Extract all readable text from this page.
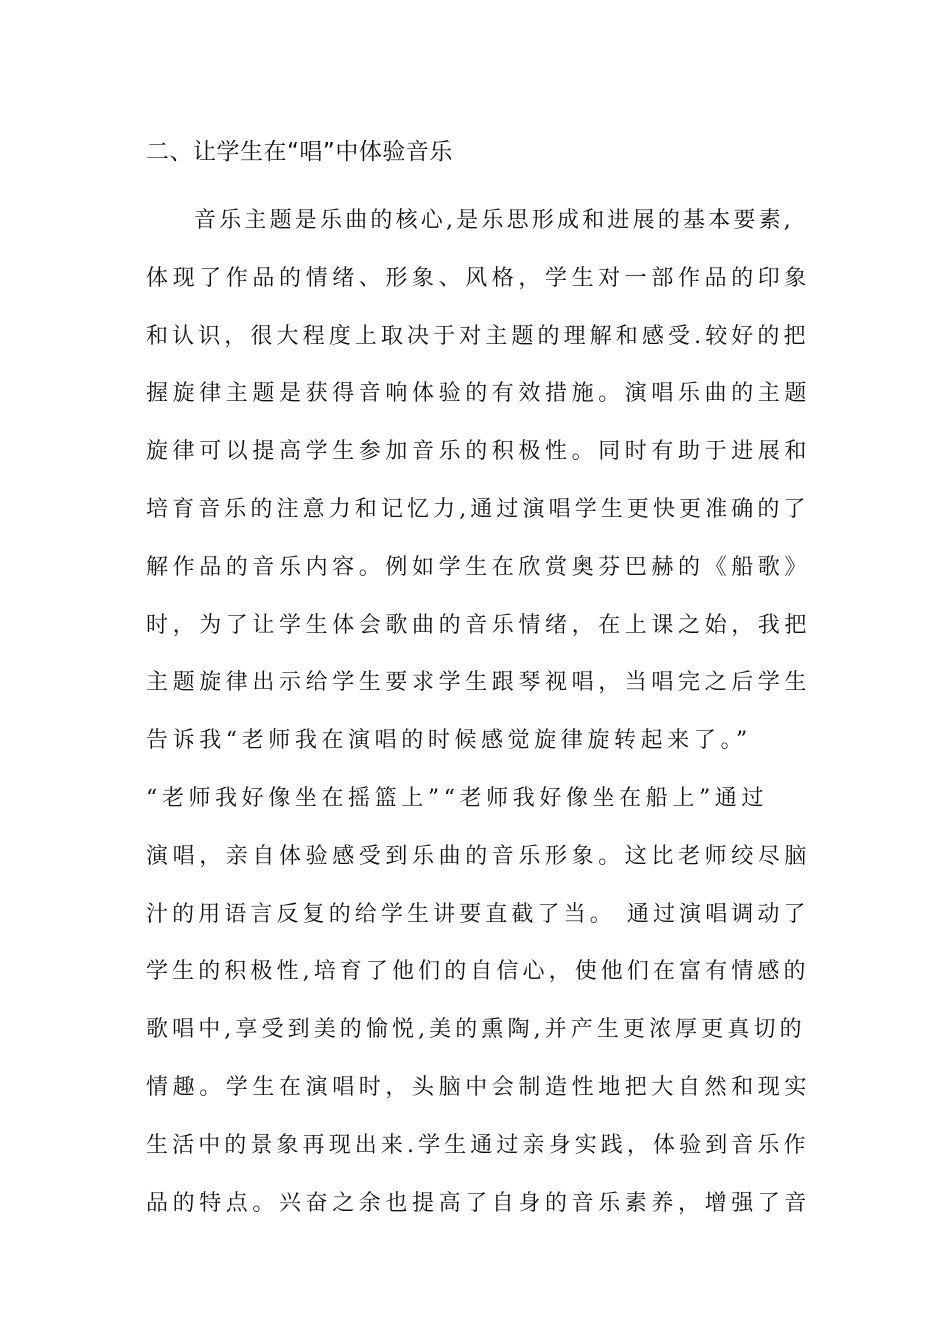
二、让学生在“唱”中体验音乐
音乐主题是乐曲的核心,是乐思形成和进展的基本要素,
体现了作品的情绪、形象、风格，学生对一部作品的印象
和认识，很大程度上取决于对主题的理解和感受.较好的把
握旋律主题是获得音响体验的有效措施。演唱乐曲的主题
旋律可以提高学生参加音乐的积极性。同时有助于进展和
培育音乐的注意力和记忆力,通过演唱学生更快更准确的了
解作品的音乐内容。例如学生在欣赏奥芬巴赫的《船歌》
时，为了让学生体会歌曲的音乐情绪，在上课之始，我把
主题旋律出示给学生要求学生跟琴视唱，当唱完之后学生
告诉我“老师我在演唱的时候感觉旋律旋转起来了。”
“老师我好像坐在摇篮上”“老师我好像坐在船上”通过
演唱，亲自体验感受到乐曲的音乐形象。这比老师绞尽脑
汁的用语言反复的给学生讲要直截了当。 通过演唱调动了
学生的积极性,培育了他们的自信心，使他们在富有情感的
歌唱中,享受到美的愉悦,美的熏陶,并产生更浓厚更真切的
情趣。学生在演唱时，头脑中会制造性地把大自然和现实
生活中的景象再现出来.学生通过亲身实践，体验到音乐作
品的特点。兴奋之余也提高了自身的音乐素养，增强了音
